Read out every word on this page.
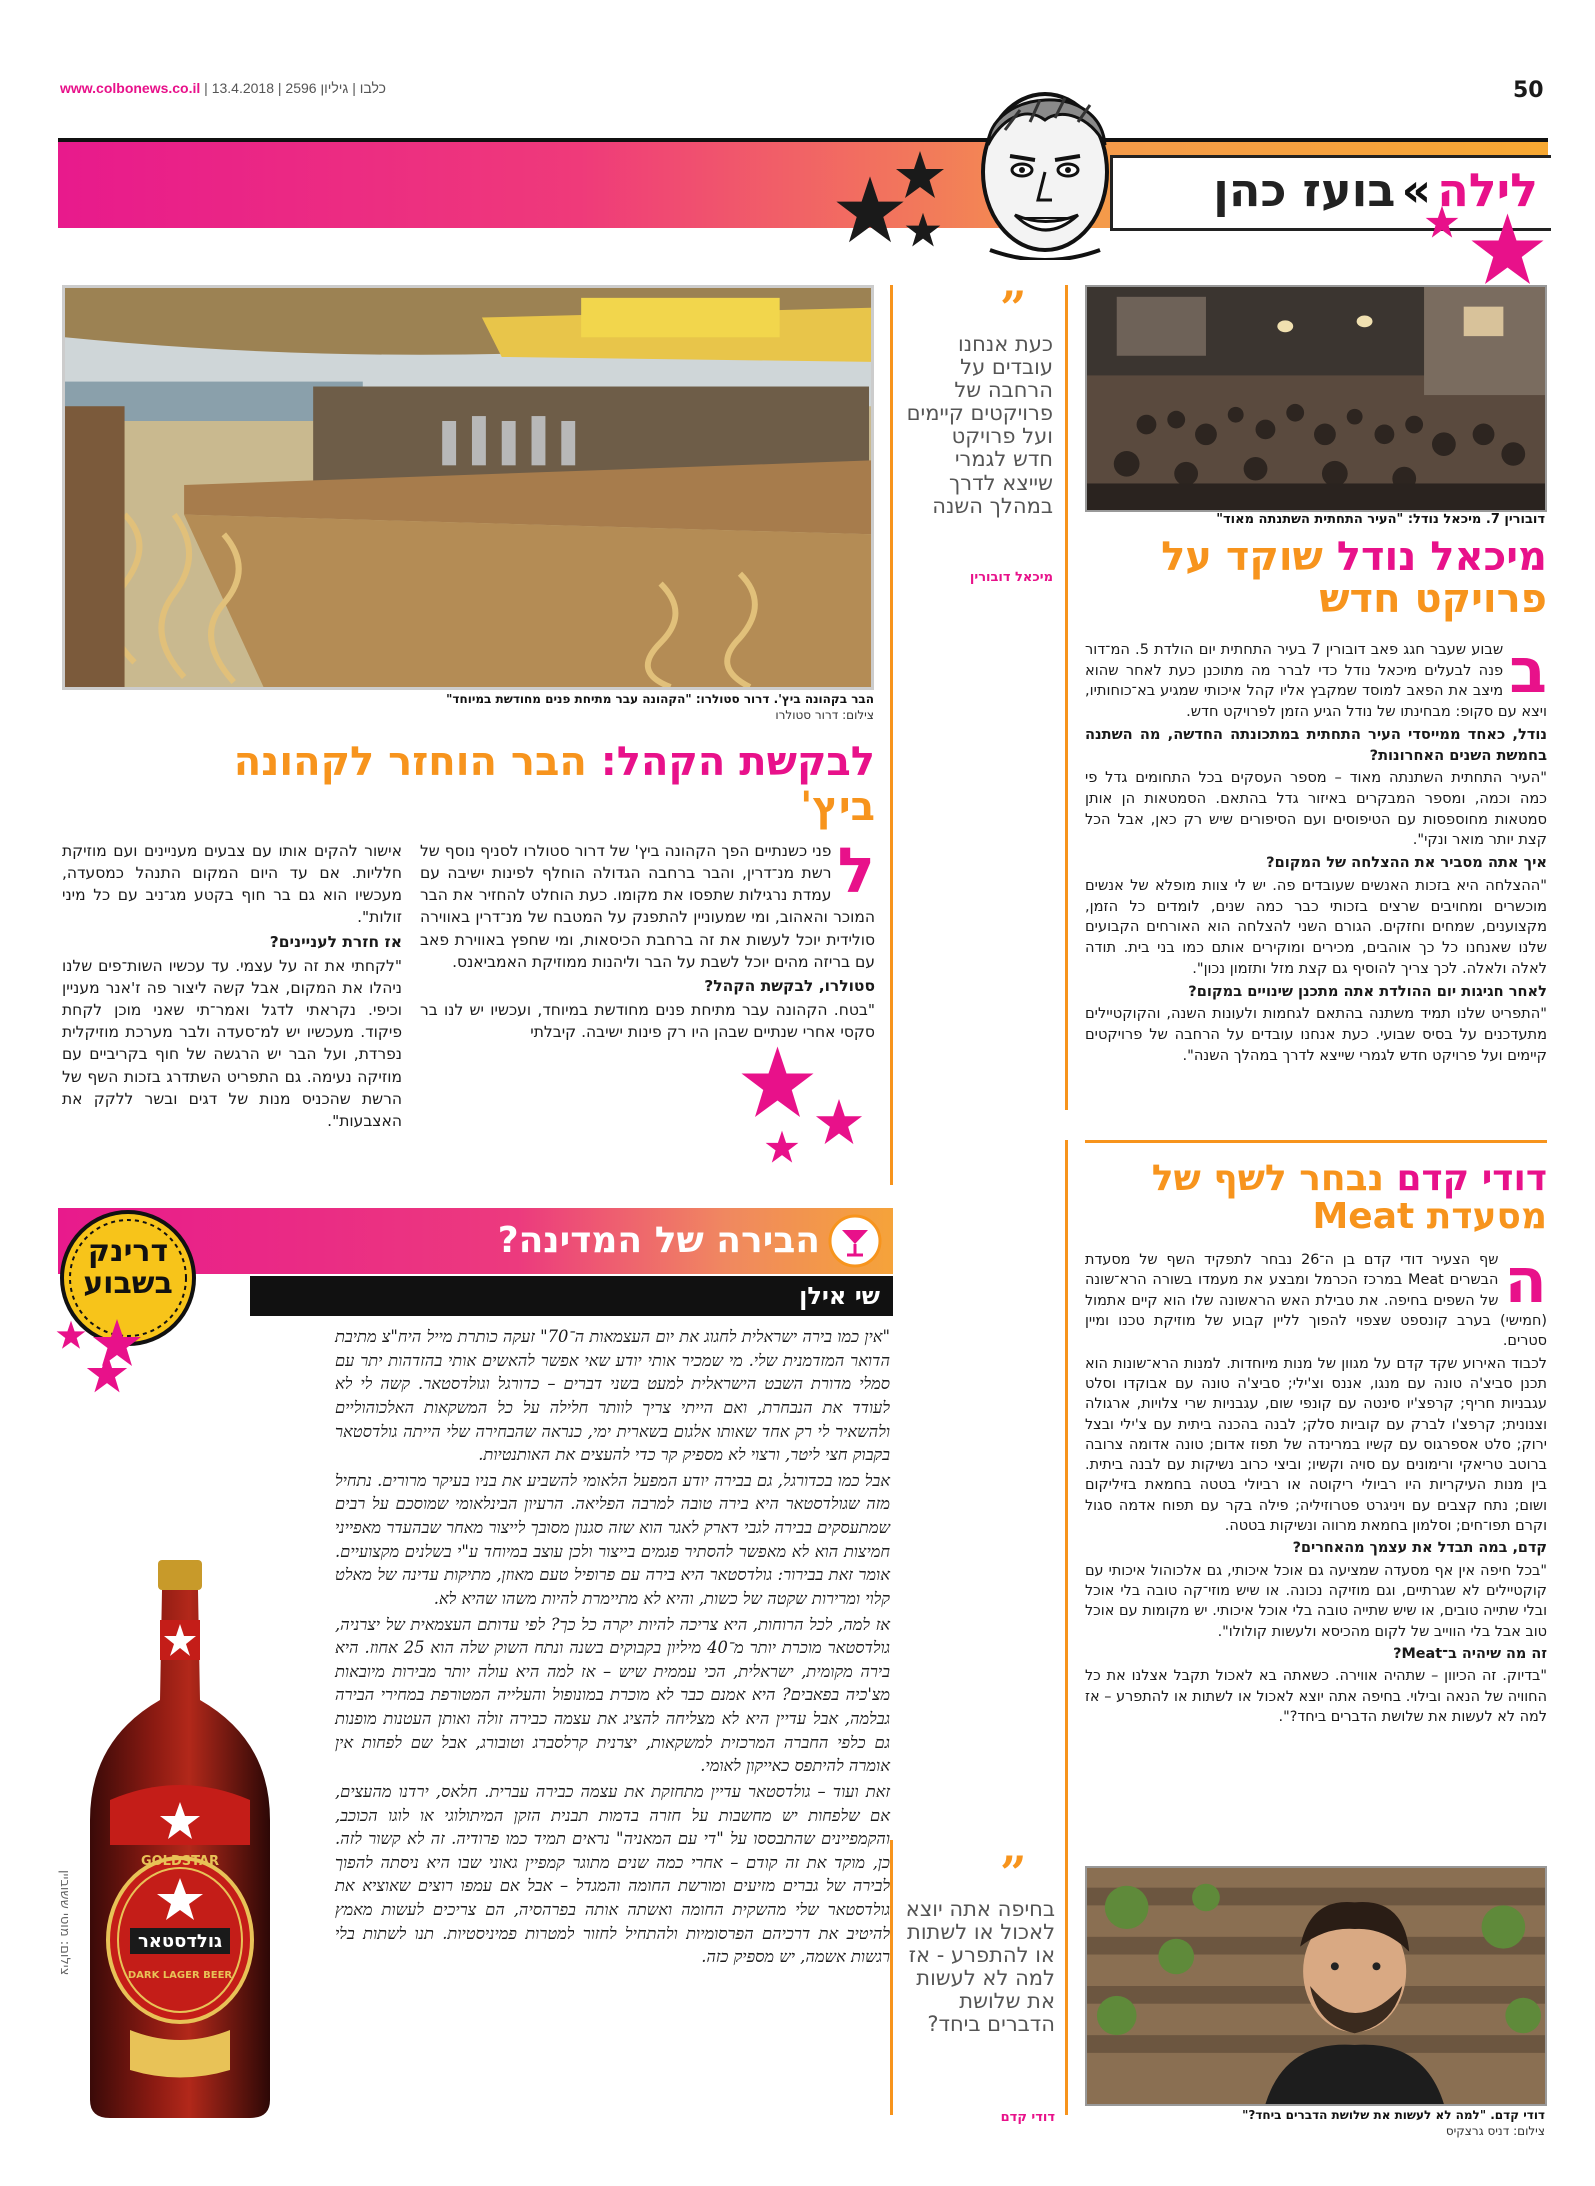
www.colbonews.co.il | כלבו | גיליון 2596 | 13.4.2018	50
לילה»בועז כהן
דובורין 7. מיכאל נודל: "העיר התחתית השתנתה מאוד"
מיכאל נודל שוקד על פרויקט חדש
ב

שבוע שעבר חגג פאב דובורין 7 בעיר התחתית יום הולדת 5. המ־דור פנה לבעלים מיכאל נודל כדי לברר מה מתוכנן כעת לאחר שהוא מיצב את הפאב למוסד שמקבץ אליו קהל איכותי שמגיע בא־כוחותיו, ויצא עם סקופ: מבחינתו של נודל הגיע הזמן לפרויקט חדש.

נודל, כאחד ממייסדי העיר התחתית במתכונתה החדשה, מה השתנה בחמשת השנים האחרונות?

"העיר התחתית השתנתה מאוד – מספר העסקים בכל התחומים גדל פי כמה וכמה, ומספר המבקרים באיזור גדל בהתאם. הסמטאות הן אותן סמטאות מחוספסות עם הטיפוסים ועם הסיפורים שיש רק כאן, אבל הכל קצת יותר מואר ונקי".

איך אתה מסביר את ההצלחה של המקום?

"ההצלחה היא בזכות האנשים שעובדים פה. יש לי צוות מופלא של אנשים מוכשרים ומחויבים שרצים בזכותי כבר כמה שנים, לומדים כל הזמן, מקצוענים, שמחים וחזקים. הגורם השני להצלחה הוא האורחים הקבועים שלנו שאנחנו כל כך אוהבים, מכירים ומוקירים אותם כמו בני בית. תודה לאלה ולאלה. לכך צריך להוסיף גם קצת מזל ותזמון נכון".

לאחר חגיגות יום ההולדת אתה מתכנן שינויים במקום?

"התפריט שלנו תמיד משתנה בהתאם לגחמות ולעונות השנה, והקוקטיילים מתעדכנים על בסיס שבועי. כעת אנחנו עובדים על הרחבה של פרויקטים קיימים ועל פרויקט חדש לגמרי שייצא לדרך במהלך השנה".

”
כעת אנחנו עובדים על הרחבה של פרויקטים קיימים ועל פרויקט חדש לגמרי שייצא לדרך במהלך השנה
מיכאל דובורין
הבר בקהונה ביץ'. דרור סטולרו: "הקהונה עבר מתיחת פנים מחודשת במיוחד"
צילום: דרור סטולרו
לבקשת הקהל: הבר הוחזר לקהונה ביץ'
ל

פני כשנתיים הפך הקהונה ביץ' של דרור סטולרו לסניף נוסף של רשת מנ־דרין, והבר ברחבה הגדולה הוחלף לפינות ישיבה עם עמדת נרגילות שתפסו את מקומו. כעת הוחלט להחזיר את הבר המוכר והאהוב, ומי שמעוניין להתפנק על המטבח של מנ־דרין באווירה סולידית יוכל לעשות את זה ברחבת הכיסאות, ומי שחפץ באווירת פאב עם בריזה מהים יוכל לשבת על הבר וליהנות ממוזיקת האמביאנס.

סטולרו, לבקשת הקהל?

"בטח. הקהונה עבר מתיחת פנים מחודשת במיוחד, ועכשיו יש לנו בר סקסי אחרי שנתיים שבהן היו רק פינות ישיבה. קיבלתי

אישור להקים אותו עם צבעים מעניינים ועם מוזיקת חלליות. אם עד היום המקום התנהל כמסעדה, מעכשיו הוא גם בר חוף בקטע מג־ניב עם כל מיני זולות".

אז חזרת לעניינים?

"לקחתי את זה על עצמי. עד עכשיו השות־פים שלנו ניהלו את המקום, אבל קשה ליצור פה ז'אנר מעניין וכיפי. נקראתי לדגל ואמר־תי שאני מוכן לקחת פיקוד. מעכשיו יש למ־סעדה ולבר מערכת מוזיקלית נפרדת, ועל הבר יש הרגשה של חוף בקריביים עם מוזיקה נעימה. גם התפריט השתדרג בזכות השף של הרשת שהכניס מנות של דגים ובשר ללקק את האצבעות".

דודי קדם נבחר לשף של מסעדת Meat
ה

שף הצעיר דודי קדם בן ה־26 נבחר לתפקיד השף של מסעדת הבשרים Meat במרכז הכרמל ומבצע את מעמדו בשורה הרא־שונה של השפים בחיפה. את טבילת האש הראשונה שלו הוא קיים אתמול (חמישי) בערב קונספט שצפוי להפוך לליין קבוע של מוזיקת טכנו ומיין סטרים.

לכבוד האירוע שקד קדם על מגוון של מנות מיוחדות. למנות הרא־שונות הוא תכנן סביצ'ה טונה עם מנגו, אננס וצ'ילי; סביצ'ה טונה עם אבוקדו וסלט עגבניות חריף; קרפצ'יו סינטה עם קונפי שום, עגבניות שרי צלויות, ארגולה וצנונית; קרפצ'ו לברק עם קוביות סלק; לבנה בהכנה ביתית עם צ'ילי ובצל ירוק; סלט אספרגוס עם קשיו במרינדה של תפוז אדום; טונה אדומה צרובה ברוטב טריאקי ורימונים עם סויה וקשיו; וביצי כרוב נשיקות עם לבנה ביתית. בין מנות העיקריות היו רביולי ריקוטה או רביולי בטטה בחמאת בזיליקום ושום; נתח קצבים עם ויניגרט פטרוזיליה; פילה בקר עם תפוח אדמה סגול וקרם תפו־חים; וסלמון בחמאת מרווה ונשיקות בטטה.

קדם, במה תבדל את עצמך מהאחרים?

"בכל חיפה אין אף מסעדה שמציעה גם אוכל איכותי, גם אלכוהול איכותי עם קוקטיילים לא שגרתיים, וגם מוזיקה נכונה. או שיש מוזי־קה טובה בלי אוכל ובלי שתייה טובים, או שיש שתייה טובה בלי אוכל איכותי. יש מקומות עם אוכל טוב אבל בלי הווייב של לקום מהכיסא ולעשות קולולו".

זה מה שיהיה ב־Meat?

"בדיוק. זה הכיוון – שתהיה אווירה. כשאתה בא לאכול תקבל אצלנו את כל החוויה של הנאה ובילוי. בחיפה אתה יוצא לאכול או לשתות או להתפרע – אז למה לא לעשות את שלושת הדברים ביחד?".

דודי קדם. "למה לא לעשות את שלושת הדברים ביחד?"
צילום: דניס גרצקיס
”
בחיפה אתה יוצא לאכול או לשתות או להתפרע - אז למה לא לעשות את שלושת הדברים ביחד?
דודי קדם
הבירה של המדינה?
שי אילן
דרינק
בשבוע

"אין כמו בירה ישראלית לחגוג את יום העצמאות ה־70" זעקה כותרת מייל היח"צ מתיבת הדואר המזדמנית שלי. מי שמכיר אותי יודע שאי אפשר להאשים אותי בהזדהות יתר עם סמלי מדורת השבט הישראלית למעט בשני דברים – כדורגל וגולדסטאר. קשה לי לא לעודד את הנבחרת, ואם הייתי צריך לוותר חלילה על כל המשקאות האלכוהוליים ולהשאיר לי רק אחד שאותו אלגום בשארית ימי, כנראה שהבחירה שלי הייתה גולדסטאר בקבוק חצי ליטר, ורצוי לא מספיק קר כדי להעצים את האותנטיות.

אבל כמו בכדורגל, גם בבירה יודע המפעל הלאומי להשביע את בניו בעיקר מרורים. נתחיל מזה שגולדסטאר היא בירה טובה למרבה הפליאה. הרעיון הבינלאומי שמוסכם על רבים שמתעסקים בבירה לגבי דארק לאגר הוא שזה סגנון מסובך לייצור מאחר שבהעדר מאפייני חמיצות הוא לא מאפשר להסתיר פגמים בייצור ולכן עוצב במיוחד ע"י בשלנים מקצועיים. אומר זאת בבירור: גולדסטאר היא בירה עם פרופיל טעם מאוזן, מתיקות עדינה של מאלט קלוי ומרירות שקטה של כשות, והיא לא מתיימרת להיות משהו שהיא לא.

אז למה, לכל הרוחות, היא צריכה להיות יקרה כל כך? לפי עדותם העצמאית של יצרניה, גולדסטאר מוכרת יותר מ־40 מיליון בקבוקים בשנה ונתח השוק שלה הוא 25 אחוז. היא בירה מקומית, ישראלית, הכי עממית שיש – אז למה היא עולה יותר מבירות מיובאות מצ'כיה בפאבים? היא אמנם כבר לא מוכרת במונופול והעלייה המטורפת במחירי הבירה גבלמה, אבל עדיין היא לא מצליחה להציג את עצמה כבירה זולה ואותן העטנות מופנות גם כלפי החברה המרכזית למשקאות, יצרנית קרלסברג וטובורג, אבל שם לפחות אין אומרה להיתפס כאייקון לאומי.

זאת ועוד – גולדסטאר עדיין מתחזקת את עצמה כבירה עברית. חלאס, ירדנו מהעצים, אם שלפחות יש מחשבות על חזרה בדמות תבנית הזקן המיתולוגי או לוגו הכוכב, והקמפיינים שהתבססו על "די עם המאניה" נראים תמיד כמו פרודיה. זה לא קשור לזה. כן, מוקד את זה קודם – אחרי כמה שנים מתוגר קמפיין גאוני שבו היא ניסתה להפוך לבירה של גברים מזיעים ומורשת החומה והמגדל – אבל אם עמפו רוצים שאוציא את גולדסטאר שלי מהשקית החומה ואשתה אותה בפרהסיה, הם צריכים לעשות מאמץ להיטיב את דרכיהם הפרסומיות ולהתחיל לחזור למטרות פמיניסטיות. תנו לשתות בלי רגשות אשמה, יש מספיק כזה.

GOLDSTAR
גולדסטאר
DARK LAGER BEER
צילום: מוטי ששוביין
